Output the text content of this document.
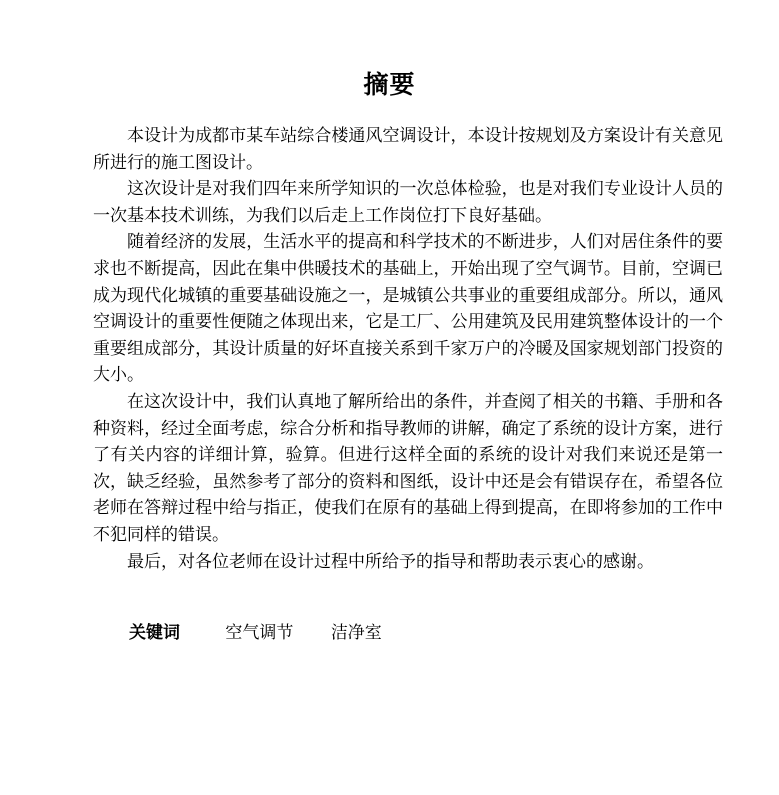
摘要

本设计为成都市某车站综合楼通风空调设计，本设计按规划及方案设计有关意见所进行的施工图设计。

这次设计是对我们四年来所学知识的一次总体检验，也是对我们专业设计人员的一次基本技术训练，为我们以后走上工作岗位打下良好基础。

随着经济的发展，生活水平的提高和科学技术的不断进步，人们对居住条件的要求也不断提高，因此在集中供暖技术的基础上，开始出现了空气调节。目前，空调已成为现代化城镇的重要基础设施之一，是城镇公共事业的重要组成部分。所以，通风空调设计的重要性便随之体现出来，它是工厂、公用建筑及民用建筑整体设计的一个重要组成部分，其设计质量的好坏直接关系到千家万户的冷暖及国家规划部门投资的大小。

在这次设计中，我们认真地了解所给出的条件，并查阅了相关的书籍、手册和各种资料，经过全面考虑，综合分析和指导教师的讲解，确定了系统的设计方案，进行了有关内容的详细计算，验算。但进行这样全面的系统的设计对我们来说还是第一次，缺乏经验，虽然参考了部分的资料和图纸，设计中还是会有错误存在，希望各位老师在答辩过程中给与指正，使我们在原有的基础上得到提高，在即将参加的工作中不犯同样的错误。

最后，对各位老师在设计过程中所给予的指导和帮助表示衷心的感谢。

关键词	空气调节 洁净室
